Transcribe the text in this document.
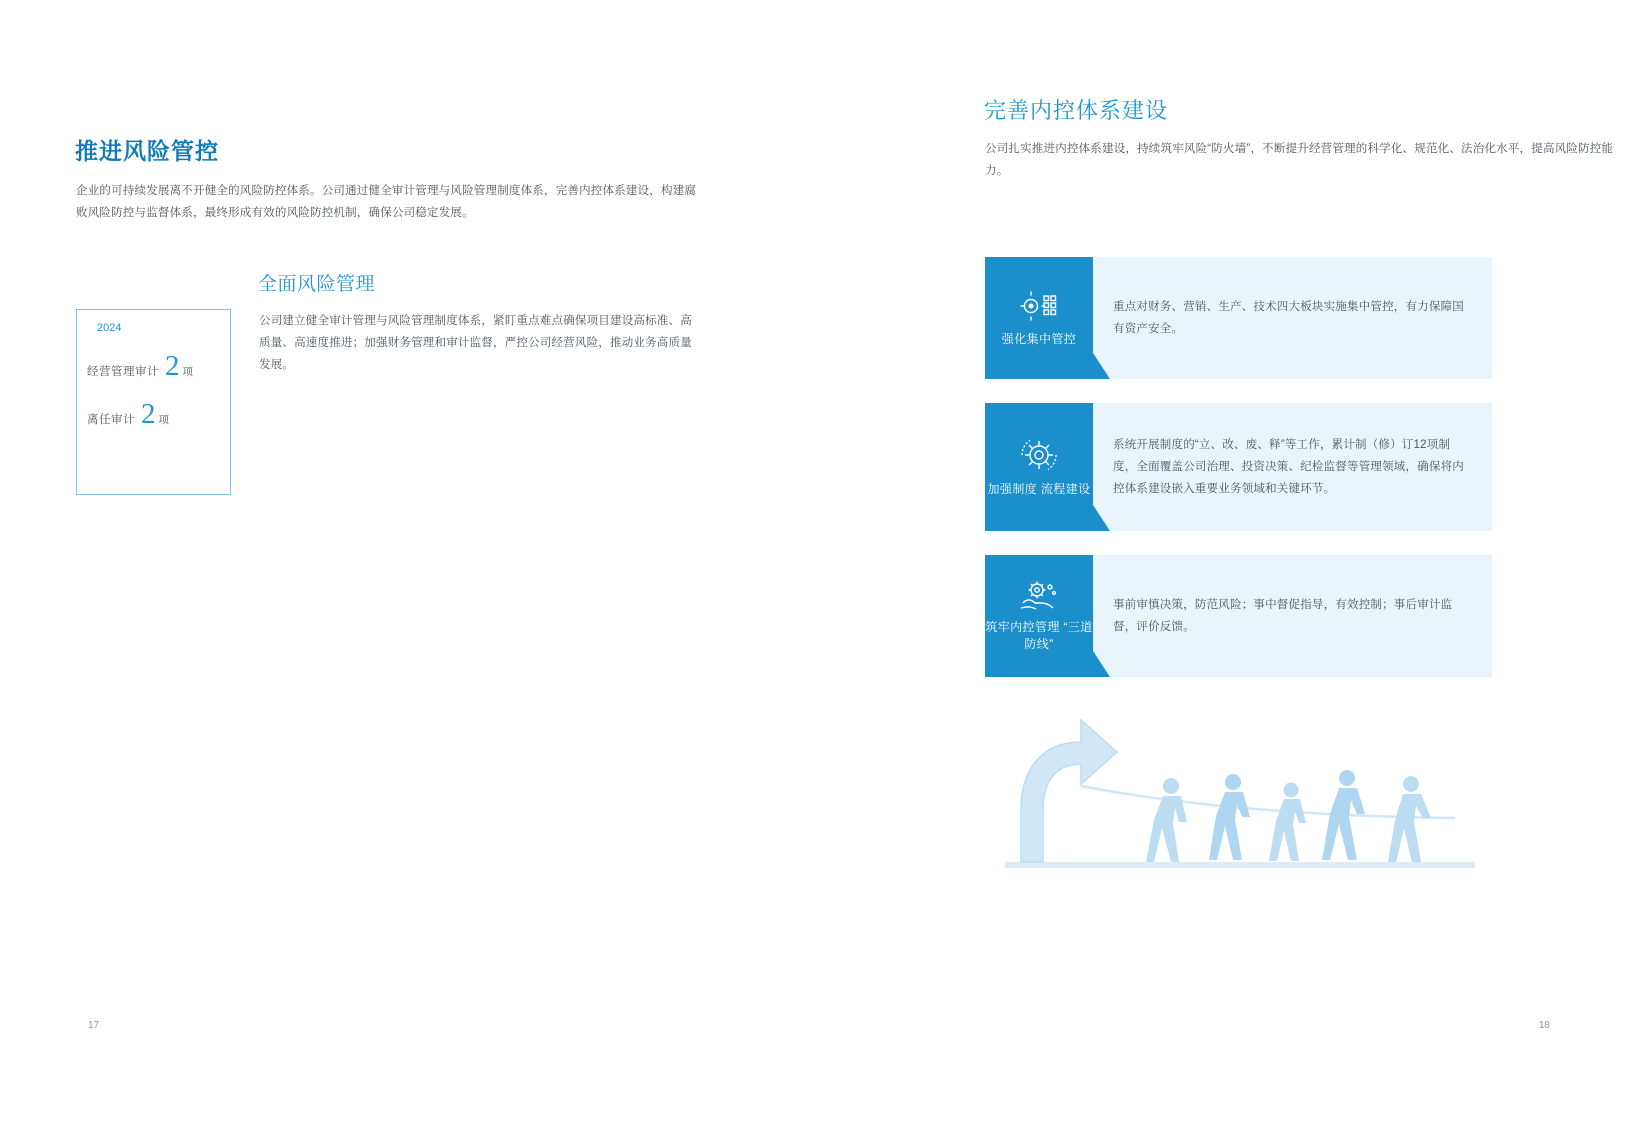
推进风险管控
企业的可持续发展离不开健全的风险防控体系。公司通过健全审计管理与风险管理制度体系，完善内控体系建设，构建腐败风险防控与监督体系，最终形成有效的风险防控机制，确保公司稳定发展。
全面风险管理
公司建立健全审计管理与风险管理制度体系，紧盯重点难点确保项目建设高标准、高质量、高速度推进；加强财务管理和审计监督，严控公司经营风险，推动业务高质量发展。
2024
经营管理审计 2 项
离任审计 2 项
17
完善内控体系建设
公司扎实推进内控体系建设，持续筑牢风险“防火墙”，不断提升经营管理的科学化、规范化、法治化水平，提高风险防控能力。
强化集中管控
重点对财务、营销、生产、技术四大板块实施集中管控，有力保障国有资产安全。
加强制度 流程建设
系统开展制度的“立、改、废、释”等工作，累计制（修）订12项制度，全面覆盖公司治理、投资决策、纪检监督等管理领域，确保将内控体系建设嵌入重要业务领域和关键环节。
筑牢内控管理 “三道防线”
事前审慎决策，防范风险；事中督促指导，有效控制；事后审计监督，评价反馈。
18
